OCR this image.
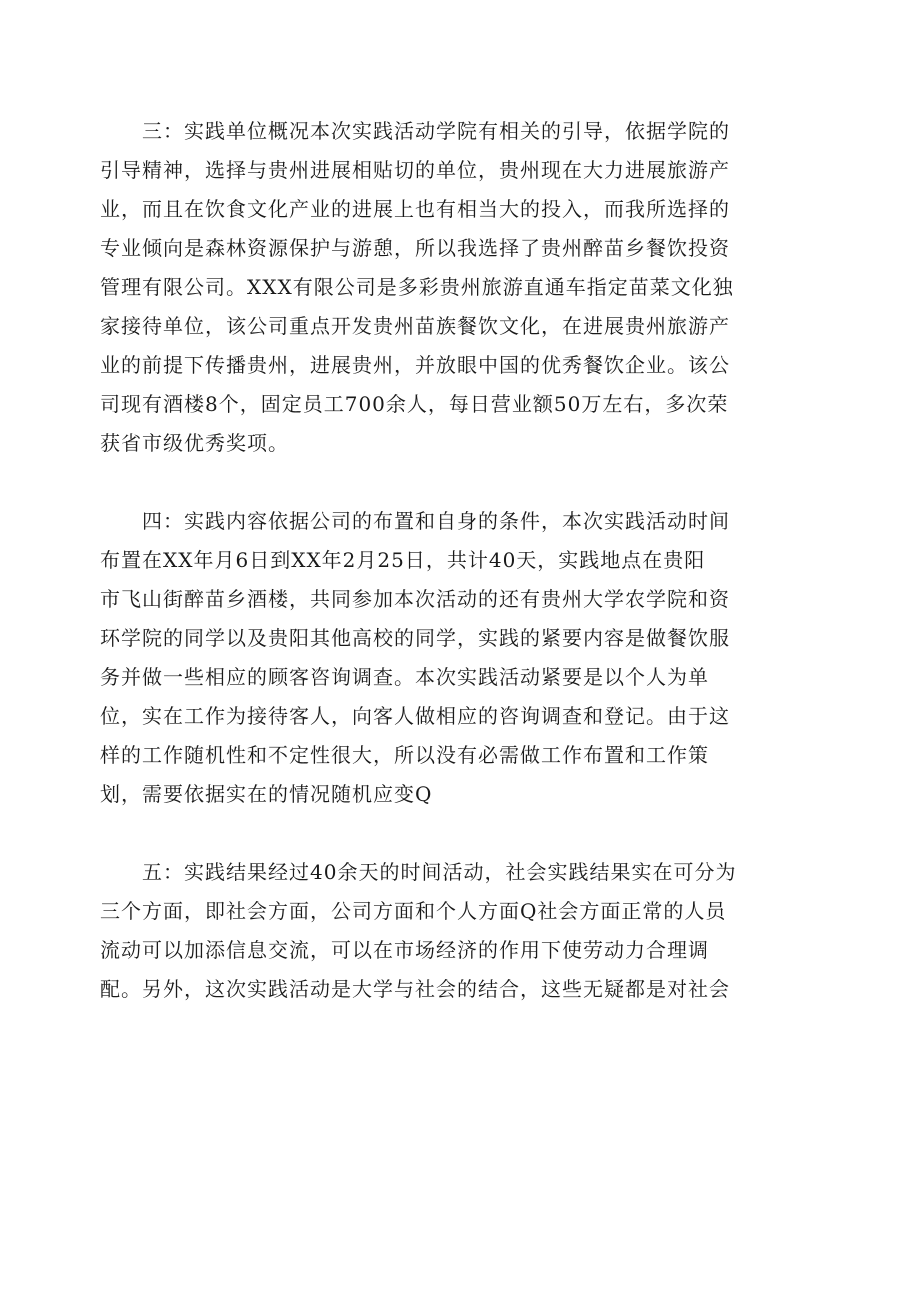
　　三：实践单位概况本次实践活动学院有相关的引导，依据学院的
引导精神，选择与贵州进展相贴切的单位，贵州现在大力进展旅游产
业，而且在饮食文化产业的进展上也有相当大的投入，而我所选择的
专业倾向是森林资源保护与游憩，所以我选择了贵州醉苗乡餐饮投资
管理有限公司。XXX有限公司是多彩贵州旅游直通车指定苗菜文化独
家接待单位，该公司重点开发贵州苗族餐饮文化，在进展贵州旅游产
业的前提下传播贵州，进展贵州，并放眼中国的优秀餐饮企业。该公
司现有酒楼8个，固定员工700余人，每日营业额50万左右，多次荣
获省市级优秀奖项。

　　四：实践内容依据公司的布置和自身的条件，本次实践活动时间
布置在XX年月6日到XX年2月25日，共计40天，实践地点在贵阳
市飞山街醉苗乡酒楼，共同参加本次活动的还有贵州大学农学院和资
环学院的同学以及贵阳其他高校的同学，实践的紧要内容是做餐饮服
务并做一些相应的顾客咨询调查。本次实践活动紧要是以个人为单
位，实在工作为接待客人，向客人做相应的咨询调查和登记。由于这
样的工作随机性和不定性很大，所以没有必需做工作布置和工作策
划，需要依据实在的情况随机应变Q

　　五：实践结果经过40余天的时间活动，社会实践结果实在可分为
三个方面，即社会方面，公司方面和个人方面Q社会方面正常的人员
流动可以加添信息交流，可以在市场经济的作用下使劳动力合理调
配。另外，这次实践活动是大学与社会的结合，这些无疑都是对社会
